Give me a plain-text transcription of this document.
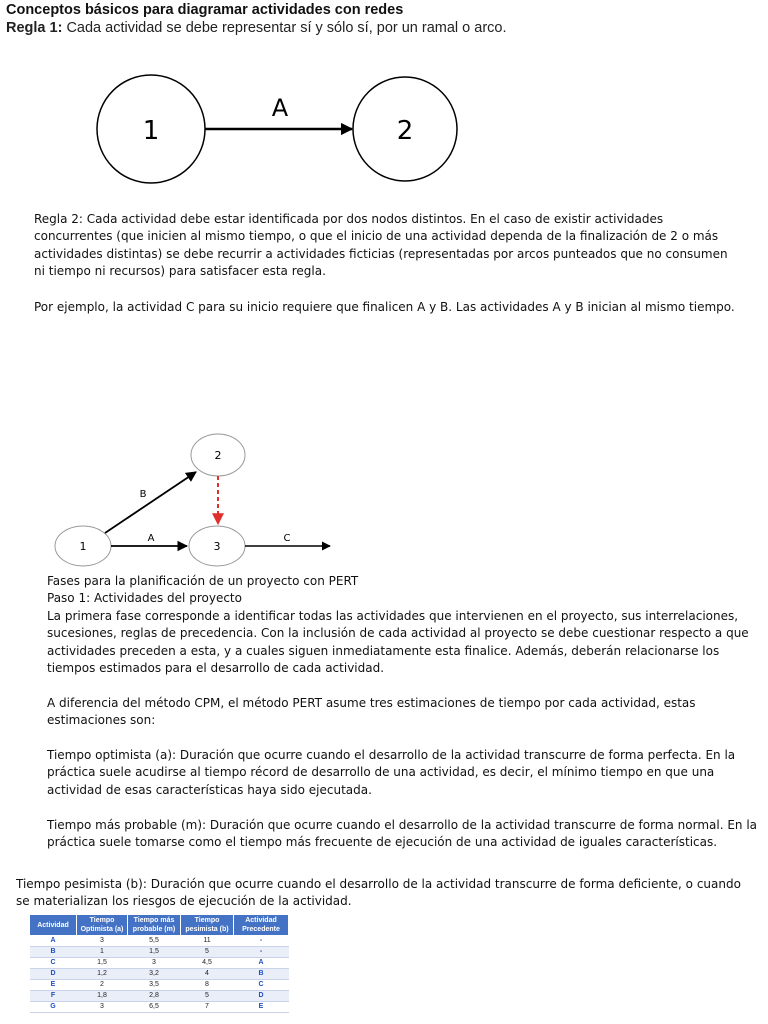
Conceptos básicos para diagramar actividades con redes
Regla 1: Cada actividad se debe representar sí y sólo sí, por un ramal o arco.
1	2
A
Regla 2: Cada actividad debe estar identificada por dos nodos distintos. En el caso de existir actividades concurrentes (que inicien al mismo tiempo, o que el inicio de una actividad dependa de la finalización de 2 o más actividades distintas) se debe recurrir a actividades ficticias (representadas por arcos punteados que no consumen ni tiempo ni recursos) para satisfacer esta regla.
Por ejemplo, la actividad C para su inicio requiere que finalicen A y B. Las actividades A y B inician al mismo tiempo.
2
1	3
B
A	C

Fases para la planificación de un proyecto con PERT

Paso 1: Actividades del proyecto

La primera fase corresponde a identificar todas las actividades que intervienen en el proyecto, sus interrelaciones, sucesiones, reglas de precedencia. Con la inclusión de cada actividad al proyecto se debe cuestionar respecto a que actividades preceden a esta, y a cuales siguen inmediatamente esta finalice. Además, deberán relacionarse los tiempos estimados para el desarrollo de cada actividad.

A diferencia del método CPM, el método PERT asume tres estimaciones de tiempo por cada actividad, estas estimaciones son:

Tiempo optimista (a): Duración que ocurre cuando el desarrollo de la actividad transcurre de forma perfecta. En la práctica suele acudirse al tiempo récord de desarrollo de una actividad, es decir, el mínimo tiempo en que una actividad de esas características haya sido ejecutada.

Tiempo más probable (m): Duración que ocurre cuando el desarrollo de la actividad transcurre de forma normal. En la práctica suele tomarse como el tiempo más frecuente de ejecución de una actividad de iguales características.

Tiempo pesimista (b): Duración que ocurre cuando el desarrollo de la actividad transcurre de forma deficiente, o cuando se materializan los riesgos de ejecución de la actividad.
Actividad	Tiempo Optimista (a)	Tiempo más probable (m)	Tiempo pesimista (b)	Actividad Precedente
A	3	5,5	11	-
B	1	1,5	5	-
C	1,5	3	4,5	A
D	1,2	3,2	4	B
E	2	3,5	8	C
F	1,8	2,8	5	D
G	3	6,5	7	E
